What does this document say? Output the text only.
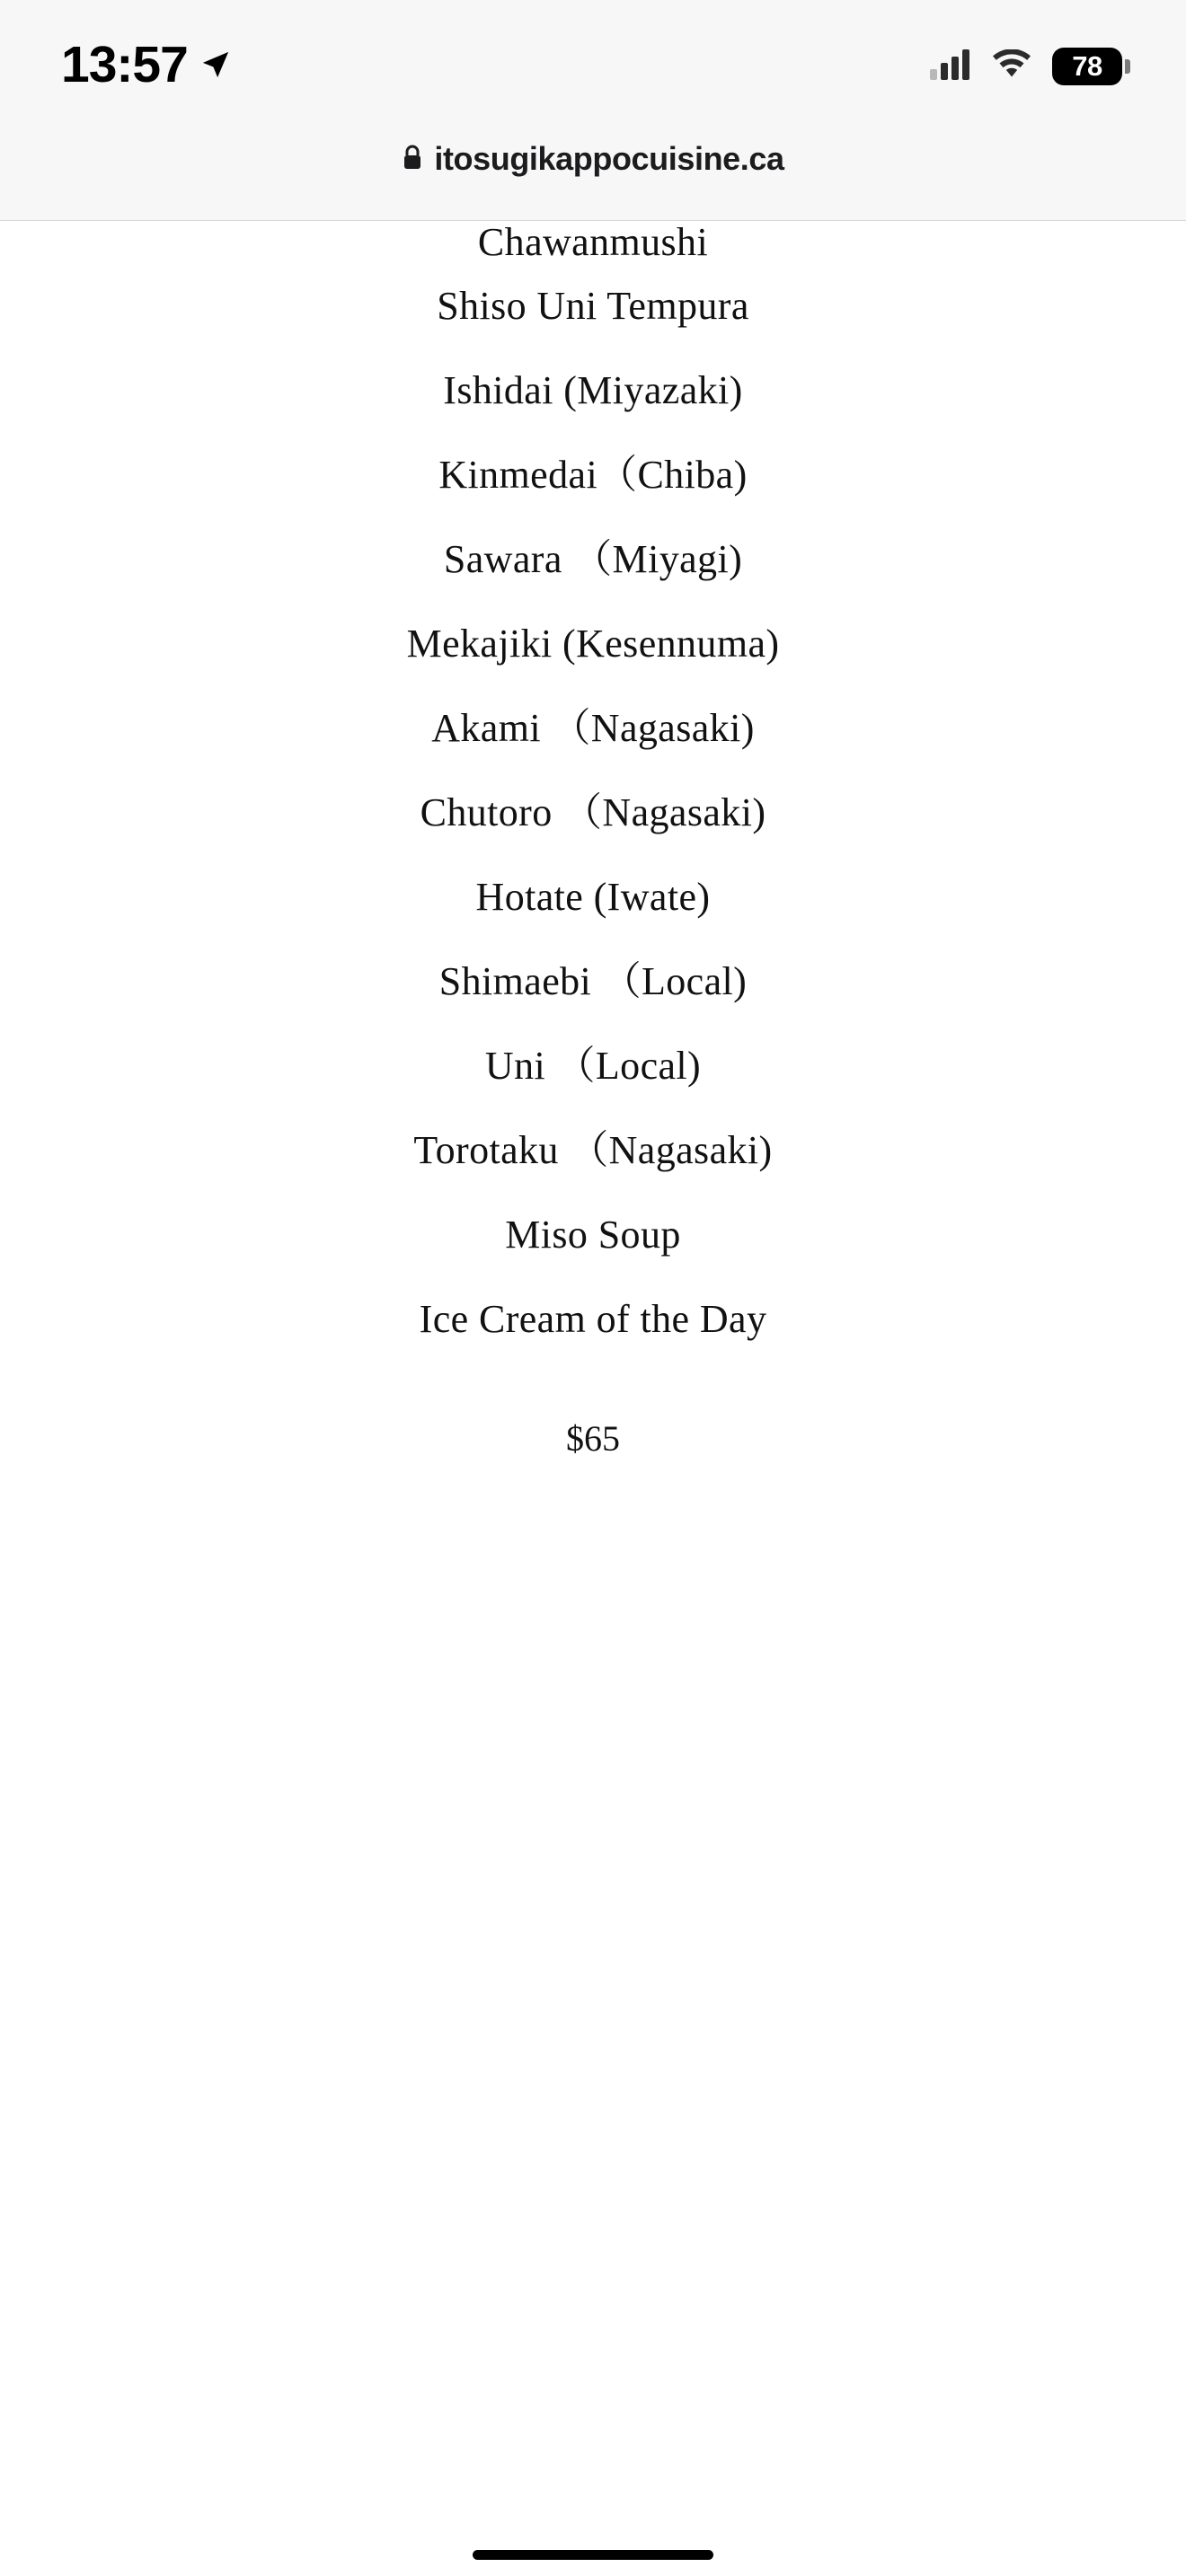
13:57	78
itosugikappocuisine.ca
Chawanmushi
Shiso Uni Tempura
Ishidai (Miyazaki)
Kinmedai（Chiba)
Sawara （Miyagi)
Mekajiki (Kesennuma)
Akami （Nagasaki)
Chutoro （Nagasaki)
Hotate (Iwate)
Shimaebi （Local)
Uni （Local)
Torotaku （Nagasaki)
Miso Soup
Ice Cream of the Day
$65
